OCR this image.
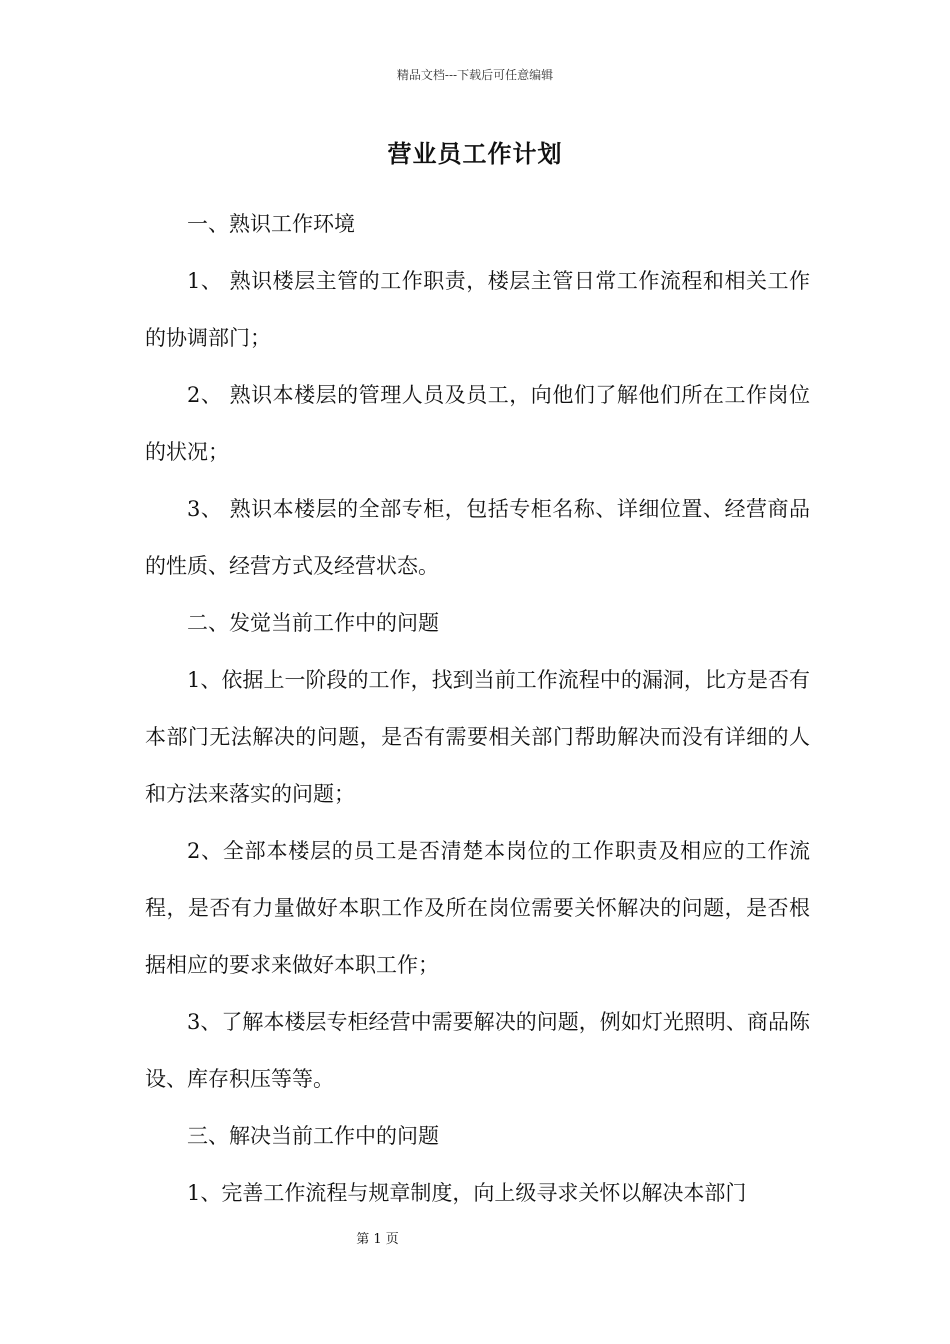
精品文档---下载后可任意编辑
营业员工作计划

一、熟识工作环境

1、 熟识楼层主管的工作职责，楼层主管日常工作流程和相关工作的协调部门；

2、 熟识本楼层的管理人员及员工，向他们了解他们所在工作岗位的状况；

3、 熟识本楼层的全部专柜，包括专柜名称、详细位置、经营商品的性质、经营方式及经营状态。

二、发觉当前工作中的问题

1、依据上一阶段的工作，找到当前工作流程中的漏洞，比方是否有本部门无法解决的问题，是否有需要相关部门帮助解决而没有详细的人和方法来落实的问题；

2、全部本楼层的员工是否清楚本岗位的工作职责及相应的工作流程，是否有力量做好本职工作及所在岗位需要关怀解决的问题，是否根据相应的要求来做好本职工作；

3、了解本楼层专柜经营中需要解决的问题，例如灯光照明、商品陈设、库存积压等等。

三、解决当前工作中的问题

1、完善工作流程与规章制度，向上级寻求关怀以解决本部门

第 1 页
